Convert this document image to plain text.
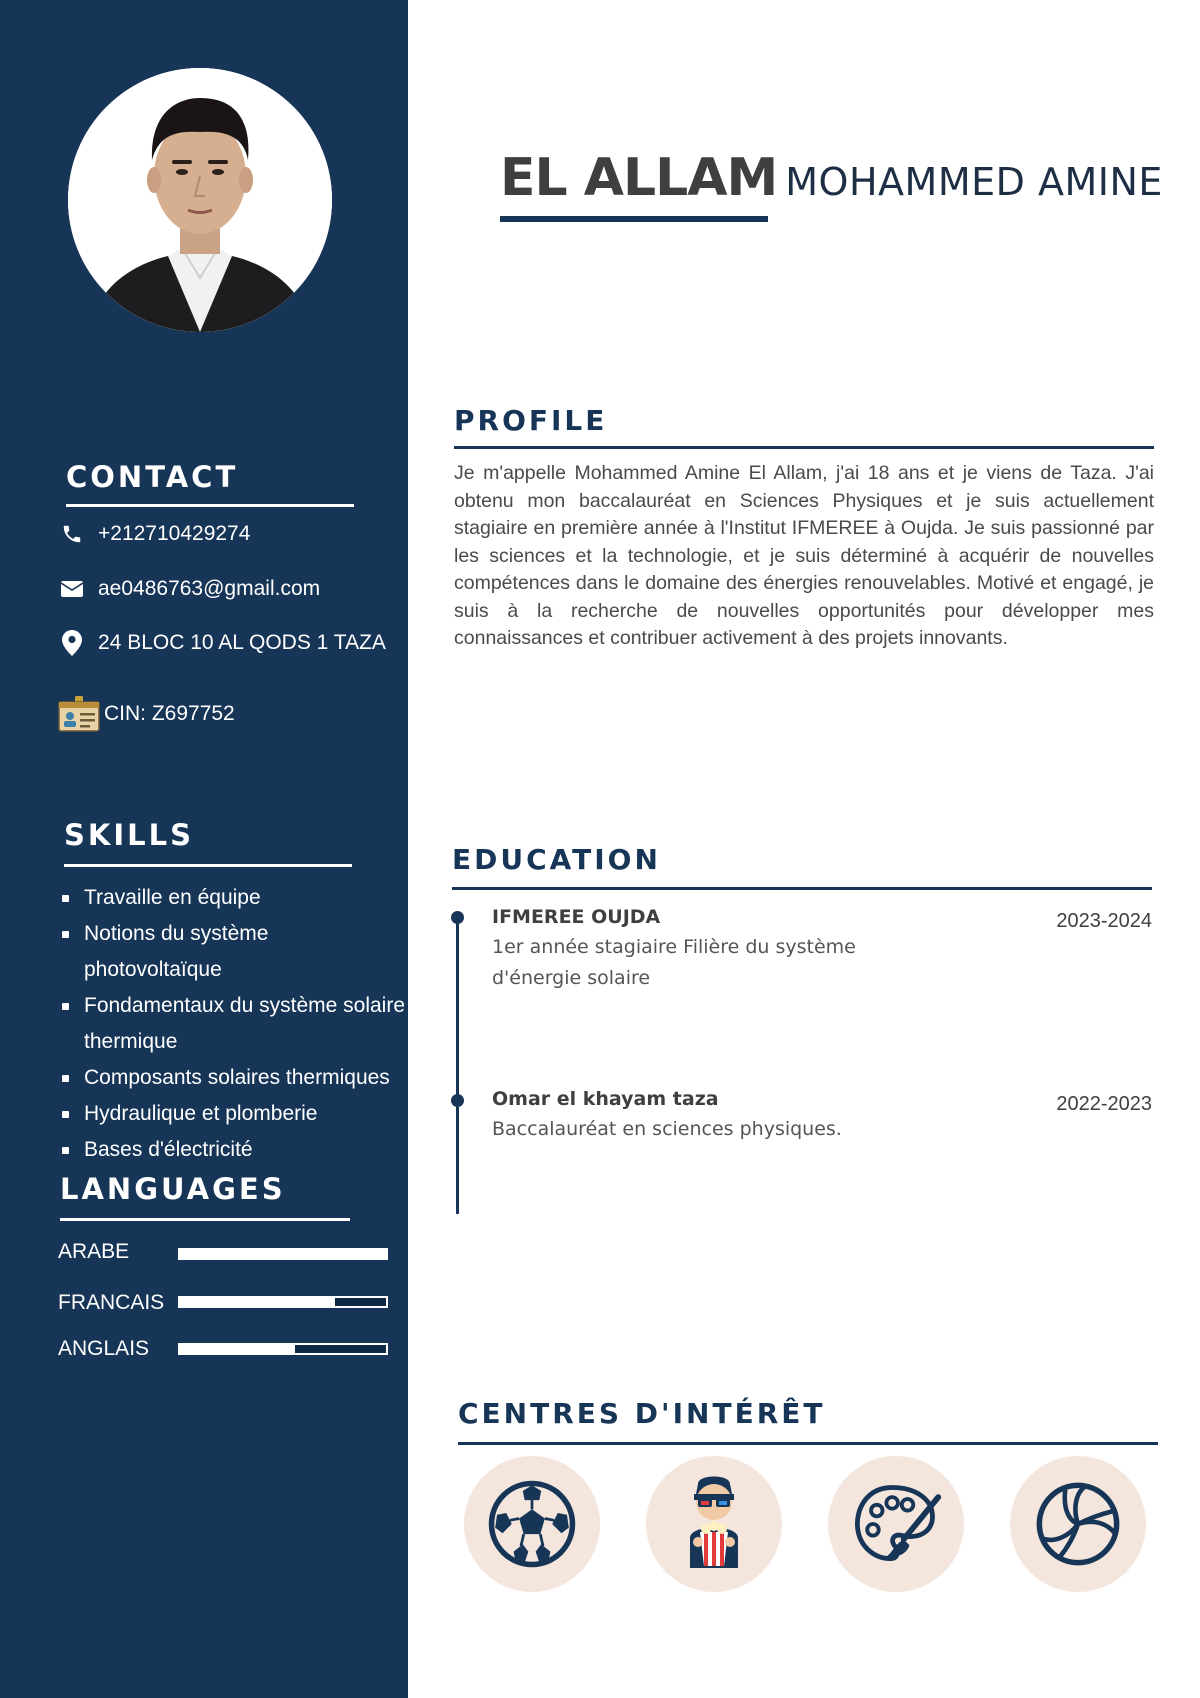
CONTACT
+212710429274
ae0486763@gmail.com
24 BLOC 10 AL QODS 1 TAZA
CIN: Z697752
SKILLS
Travaille en équipe
Notions du système photovoltaïque
Fondamentaux du système solaire thermique
Composants solaires thermiques
Hydraulique et plomberie
Bases d'électricité
LANGUAGES
ARABE
FRANCAIS
ANGLAIS
EL ALLAM MOHAMMED AMINE
PROFILE

Je m'appelle Mohammed Amine El Allam, j'ai 18 ans et je viens de Taza. J'ai obtenu mon baccalauréat en Sciences Physiques et je suis actuellement stagiaire en première année à l'Institut IFMEREE à Oujda. Je suis passionné par les sciences et la technologie, et je suis déterminé à acquérir de nouvelles compétences dans le domaine des énergies renouvelables. Motivé et engagé, je suis à la recherche de nouvelles opportunités pour développer mes connaissances et contribuer activement à des projets innovants.

EDUCATION
IFMEREE OUJDA	2023-2024

1er année stagiaire Filière du système d'énergie solaire

Omar el khayam taza	2022-2023

Baccalauréat en sciences physiques.

CENTRES D'INTÉRÊT
